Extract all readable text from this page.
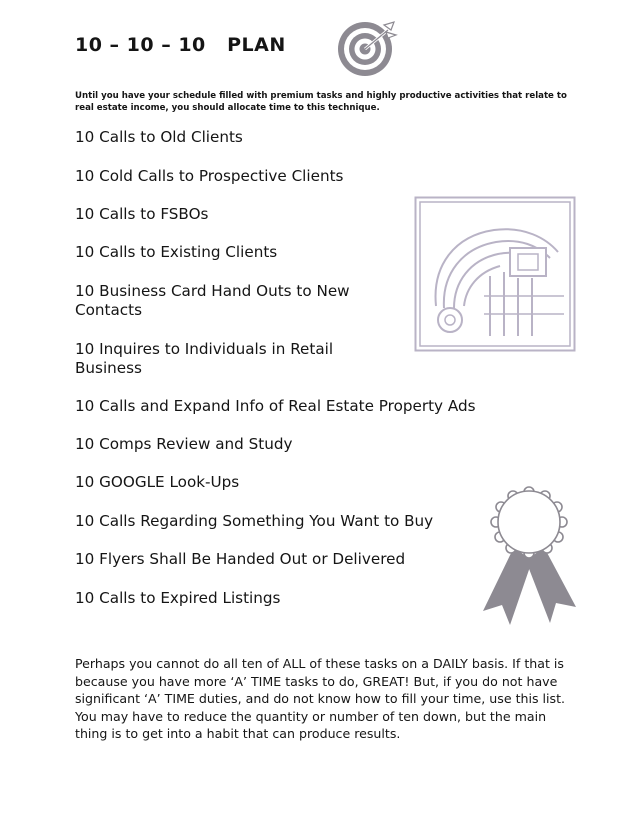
10 – 10 – 10   PLAN

Until you have your schedule filled with premium tasks and highly productive activities that relate to real estate income, you should allocate time to this technique.

10 Calls to Old Clients
10 Cold Calls to Prospective Clients
10 Calls to FSBOs
10 Calls to Existing Clients
10 Business Card Hand Outs to New Contacts
10 Inquires to Individuals in Retail Business
10 Calls and Expand Info of Real Estate Property Ads
10 Comps Review and Study
10 GOOGLE Look-Ups
10 Calls Regarding Something You Want to Buy
10 Flyers Shall Be Handed Out or Delivered
10 Calls to Expired Listings

Perhaps you cannot do all ten of ALL of these tasks on a DAILY basis. If that is because you have more ‘A’ TIME tasks to do, GREAT! But, if you do not have significant ‘A’ TIME duties, and do not know how to fill your time, use this list. You may have to reduce the quantity or number of ten down, but the main thing is to get into a habit that can produce results.
